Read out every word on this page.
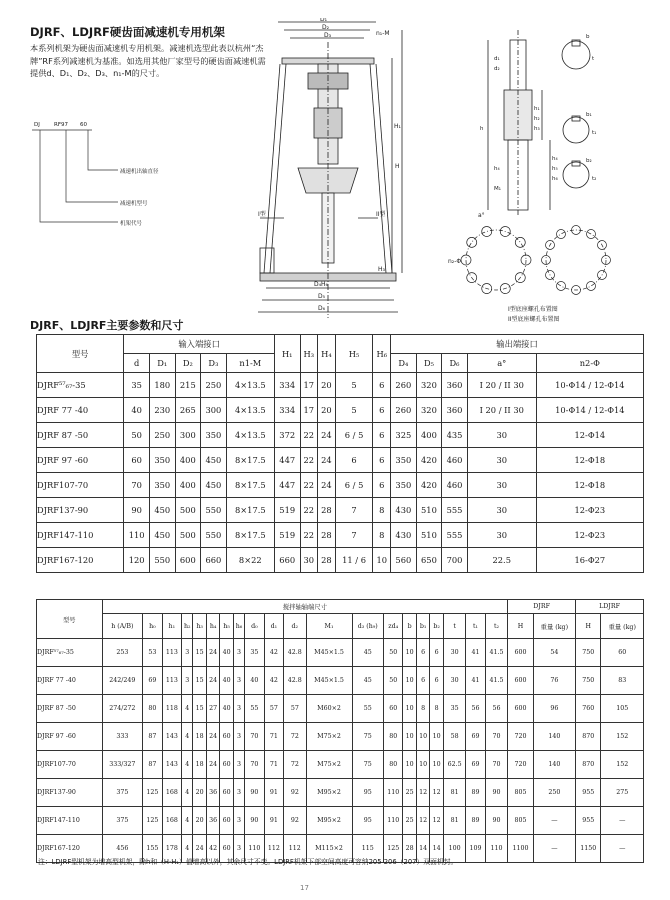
DJRF、LDJRF硬齿面减速机专用机架

本系列机架为硬齿面减速机专用机架。减速机选型此表以杭州“杰牌”RF系列减速机为基准。如选用其他厂家型号的硬齿面减速机需提供d、D₁、D₂、D₃、n₁-M的尺寸。

DJ	RF97 60
减速机出轴直径
减速机型号
机架代号
D₁
D₂
D₃	n₁-M
H₁
H
H₃
I型	II型
D₄H₆
D₅
D₆
h
h₁
h₂
h₃
h₄
h₅
h₆
d₁
d₂
b
b₁
b₂
t
t₁
t₂
h₄
M₁
a°
n₂-Φ
I型底座螺孔布置图
II型底座螺孔布置图
DJRF、LDJRF主要参数和尺寸
型号	输入端接口					H₁	H₃	H₄	H₅	H₆	输出端接口				
	d	D₁	D₂	D₃	n1-M						D₄	D₅	D₆	a°	n2-Φ
DJRF⁵⁷₆₇-35	35	180	215	250	4×13.5	334	17	20	5	6	260	320	360	I 20 / II 30	10-Φ14 / 12-Φ14
DJRF 77 -40	40	230	265	300	4×13.5	334	17	20	5	6	260	320	360	I 20 / II 30	10-Φ14 / 12-Φ14
DJRF 87 -50	50	250	300	350	4×13.5	372	22	24	6 / 5	6	325	400	435	30	12-Φ14
DJRF 97 -60	60	350	400	450	8×17.5	447	22	24	6	6	350	420	460	30	12-Φ18
DJRF107-70	70	350	400	450	8×17.5	447	22	24	6 / 5	6	350	420	460	30	12-Φ18
DJRF137-90	90	450	500	550	8×17.5	519	22	28	7	8	430	510	555	30	12-Φ23
DJRF147-110	110	450	500	550	8×17.5	519	22	28	7	8	430	510	555	30	12-Φ23
DJRF167-120	120	550	600	660	8×22	660	30	28	11 / 6	10	560	650	700	22.5	16-Φ27
型号	搅拌轴轴端尺寸																				DJRF		LDJRF	
	h (A/B)	h₀	h₁	h₂	h₃	h₄	h₅	h₆	d₀	d₁	d₂	M₁	d₃ (h₉)	zd₄	b	b₁	b₂	t	t₁	t₂	H	重量 (kg)	H	重量 (kg)
DJRF⁵⁷₆₇-35	253	53	113	3	15	24	40	3	35	42	42.8	M45×1.5	45	50	10	6	6	30	41	41.5	600	54	750	60
DJRF 77 -40	242/249	69	113	3	15	24	40	3	40	42	42.8	M45×1.5	45	50	10	6	6	30	41	41.5	600	76	750	83
DJRF 87 -50	274/272	80	118	4	15	27	40	3	55	57	57	M60×2	55	60	10	8	8	35	56	56	600	96	760	105
DJRF 97 -60	333	87	143	4	18	24	60	3	70	71	72	M75×2	75	80	10	10	10	58	69	70	720	140	870	152
DJRF107-70	333/327	87	143	4	18	24	60	3	70	71	72	M75×2	75	80	10	10	10	62.5	69	70	720	140	870	152
DJRF137-90	375	125	168	4	20	36	60	3	90	91	92	M95×2	95	110	25	12	12	81	89	90	805	250	955	275
DJRF147-110	375	125	168	4	20	36	60	3	90	91	92	M95×2	95	110	25	12	12	81	89	90	805	—	955	—
DJRF167-120	456	155	178	4	24	42	60	3	110	112	112	M115×2	115	125	28	14	14	100	109	110	1100	—	1150	—
注：LDJRF型机架为增高型机架，除h和（H·H₁）值增高以外，其余尺寸不变。LDJRF机架下部空间高度可容纳205 206（207）双面机封。
17
